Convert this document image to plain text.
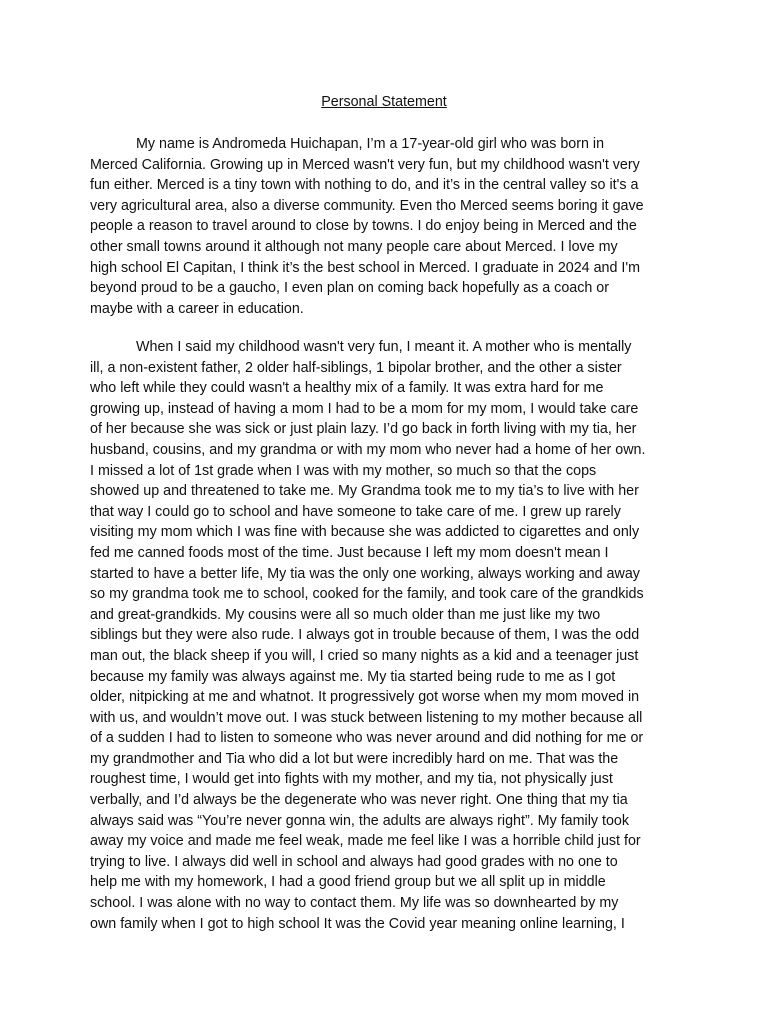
Personal Statement
My name is Andromeda Huichapan, I’m a 17-year-old girl who was born in
Merced California. Growing up in Merced wasn't very fun, but my childhood wasn't very
fun either. Merced is a tiny town with nothing to do, and it’s in the central valley so it's a
very agricultural area, also a diverse community. Even tho Merced seems boring it gave
people a reason to travel around to close by towns. I do enjoy being in Merced and the
other small towns around it although not many people care about Merced. I love my
high school El Capitan, I think it’s the best school in Merced. I graduate in 2024 and I'm
beyond proud to be a gaucho, I even plan on coming back hopefully as a coach or
maybe with a career in education.
When I said my childhood wasn't very fun, I meant it. A mother who is mentally
ill, a non-existent father, 2 older half-siblings, 1 bipolar brother, and the other a sister
who left while they could wasn't a healthy mix of a family. It was extra hard for me
growing up, instead of having a mom I had to be a mom for my mom, I would take care
of her because she was sick or just plain lazy. I’d go back in forth living with my tia, her
husband, cousins, and my grandma or with my mom who never had a home of her own.
I missed a lot of 1st grade when I was with my mother, so much so that the cops
showed up and threatened to take me. My Grandma took me to my tia’s to live with her
that way I could go to school and have someone to take care of me. I grew up rarely
visiting my mom which I was fine with because she was addicted to cigarettes and only
fed me canned foods most of the time. Just because I left my mom doesn't mean I
started to have a better life, My tia was the only one working, always working and away
so my grandma took me to school, cooked for the family, and took care of the grandkids
and great-grandkids. My cousins were all so much older than me just like my two
siblings but they were also rude. I always got in trouble because of them, I was the odd
man out, the black sheep if you will, I cried so many nights as a kid and a teenager just
because my family was always against me. My tia started being rude to me as I got
older, nitpicking at me and whatnot. It progressively got worse when my mom moved in
with us, and wouldn’t move out. I was stuck between listening to my mother because all
of a sudden I had to listen to someone who was never around and did nothing for me or
my grandmother and Tia who did a lot but were incredibly hard on me. That was the
roughest time, I would get into fights with my mother, and my tia, not physically just
verbally, and I’d always be the degenerate who was never right. One thing that my tia
always said was “You’re never gonna win, the adults are always right”. My family took
away my voice and made me feel weak, made me feel like I was a horrible child just for
trying to live. I always did well in school and always had good grades with no one to
help me with my homework, I had a good friend group but we all split up in middle
school. I was alone with no way to contact them. My life was so downhearted by my
own family when I got to high school It was the Covid year meaning online learning, I
